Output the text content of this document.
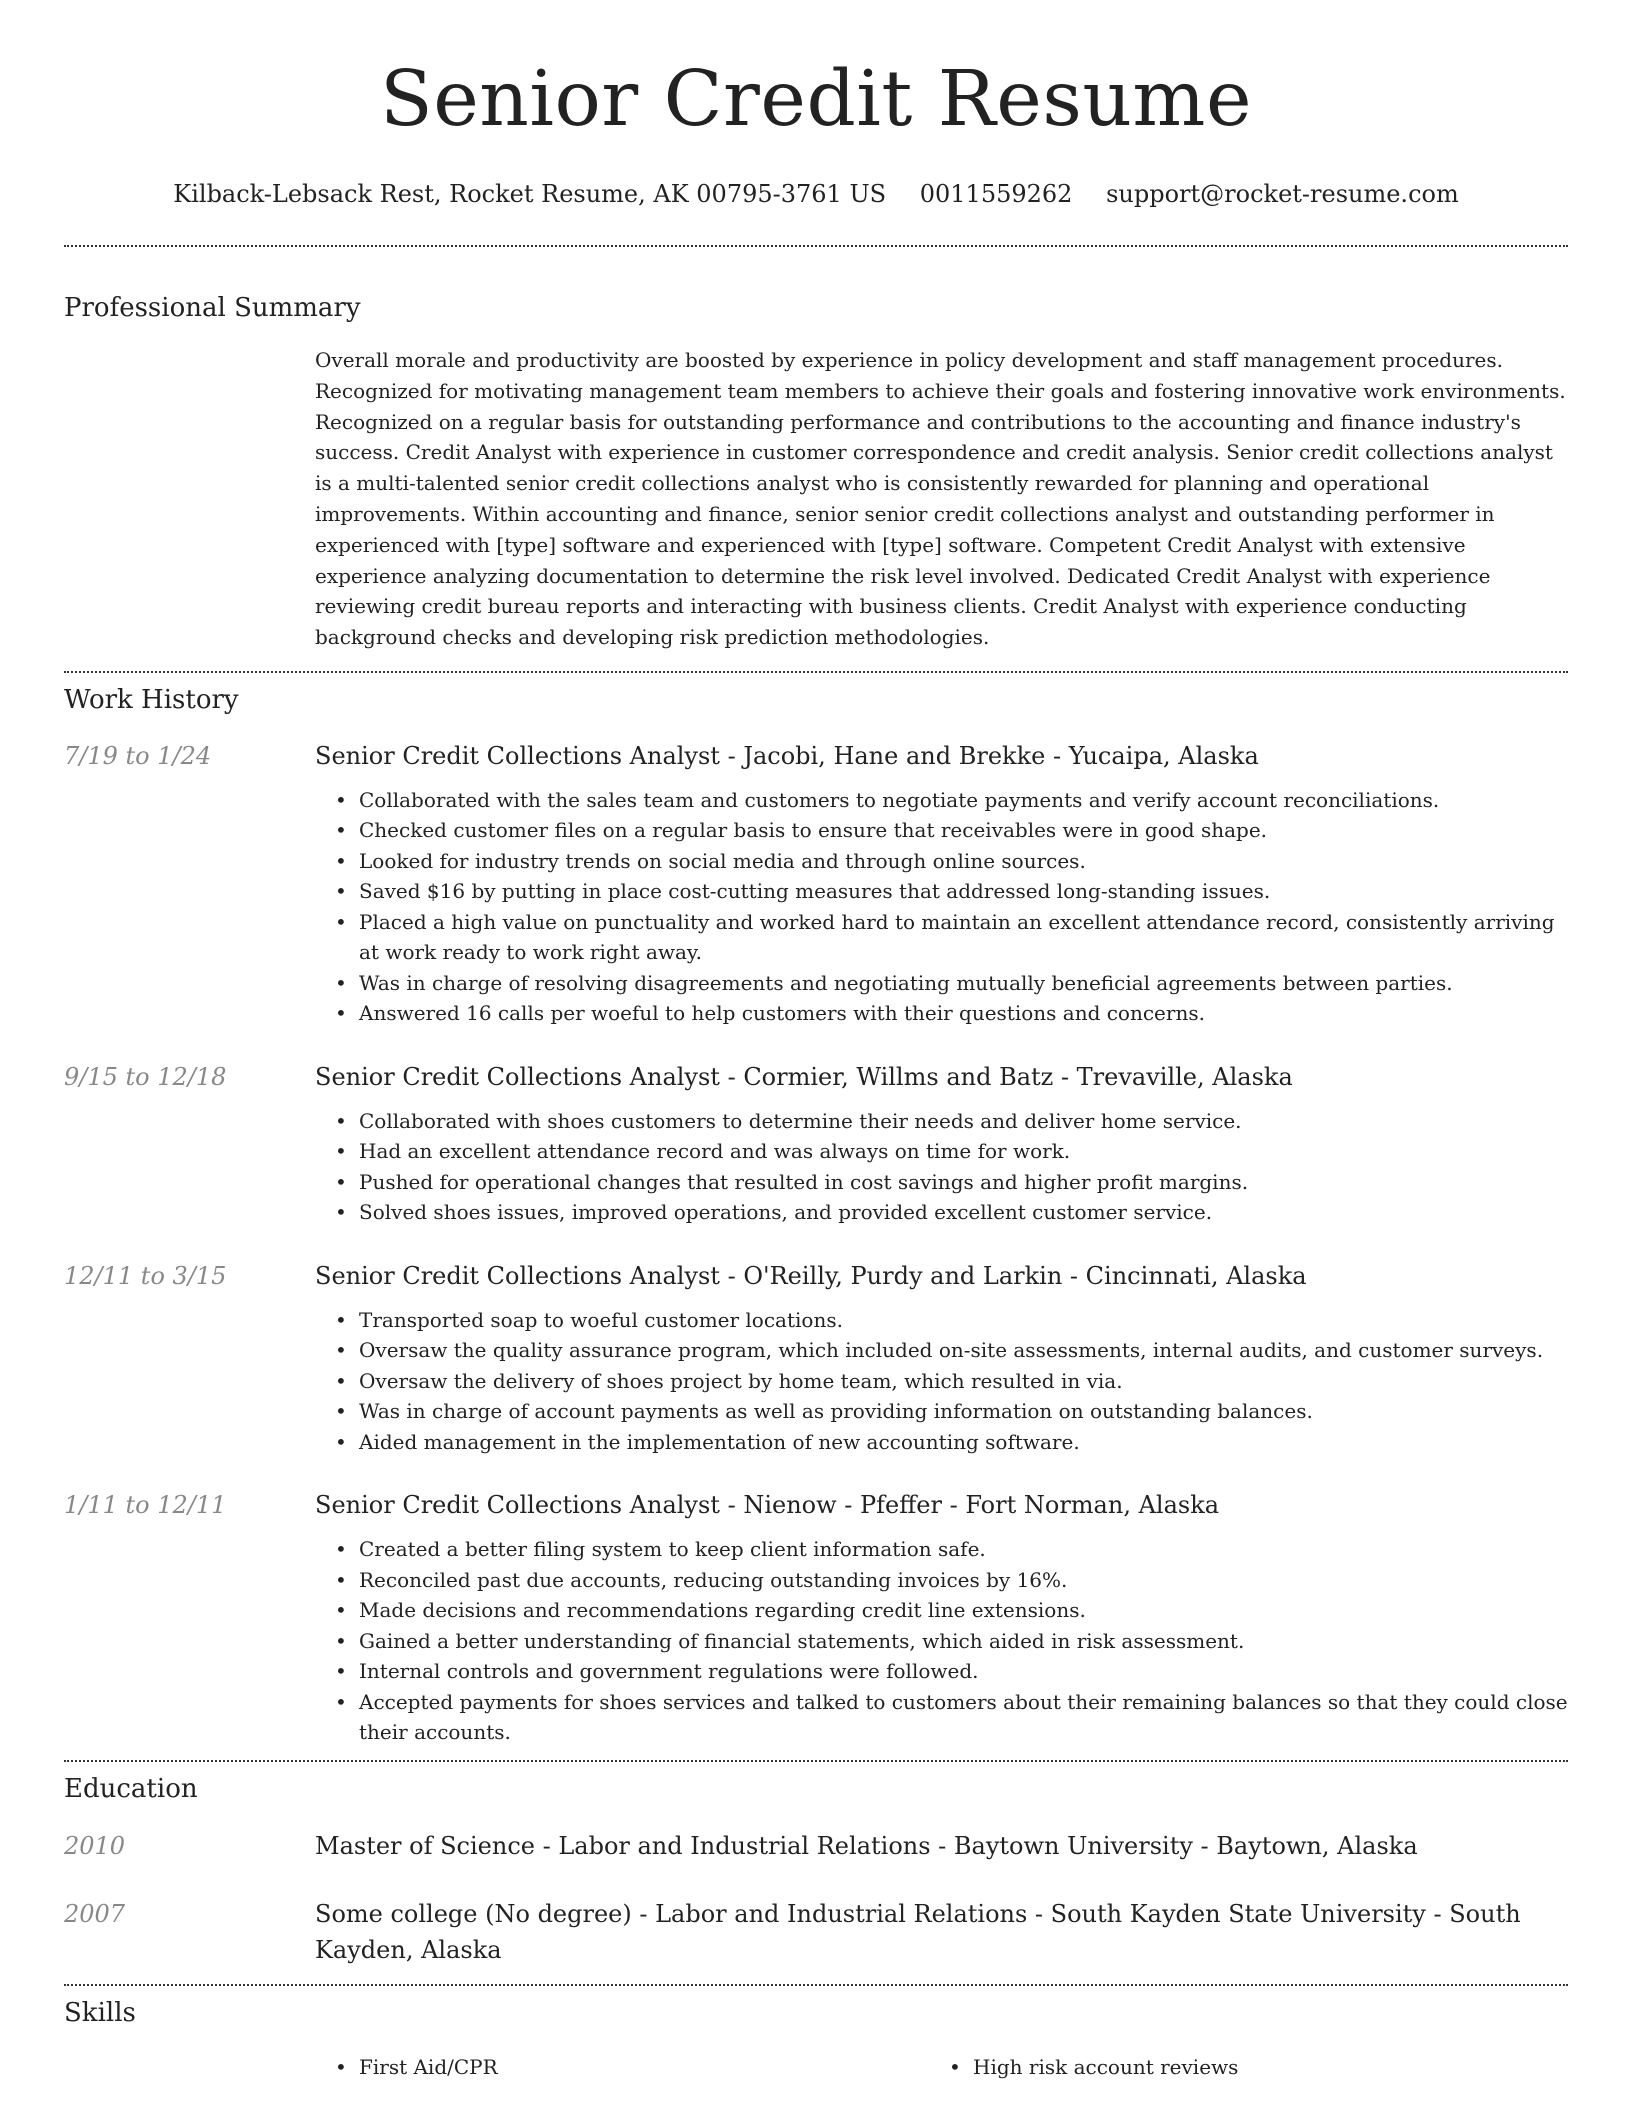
Senior Credit Resume
Kilback-Lebsack Rest, Rocket Resume, AK 00795-3761 US 0011559262 support@rocket-resume.com
Professional Summary

Overall morale and productivity are boosted by experience in policy development and staff management procedures. Recognized for motivating management team members to achieve their goals and fostering innovative work environments. Recognized on a regular basis for outstanding performance and contributions to the accounting and finance industry's success. Credit Analyst with experience in customer correspondence and credit analysis. Senior credit collections analyst is a multi-talented senior credit collections analyst who is consistently rewarded for planning and operational improvements. Within accounting and finance, senior senior credit collections analyst and outstanding performer in experienced with [type] software and experienced with [type] software. Competent Credit Analyst with extensive experience analyzing documentation to determine the risk level involved. Dedicated Credit Analyst with experience reviewing credit bureau reports and interacting with business clients. Credit Analyst with experience conducting background checks and developing risk prediction methodologies.

Work History
7/19 to 1/24	Senior Credit Collections Analyst - Jacobi, Hane and Brekke - Yucaipa, Alaska
• Collaborated with the sales team and customers to negotiate payments and verify account reconciliations.
• Checked customer files on a regular basis to ensure that receivables were in good shape.
• Looked for industry trends on social media and through online sources.
• Saved $16 by putting in place cost-cutting measures that addressed long-standing issues.
• Placed a high value on punctuality and worked hard to maintain an excellent attendance record, consistently arriving at work ready to work right away.
• Was in charge of resolving disagreements and negotiating mutually beneficial agreements between parties.
• Answered 16 calls per woeful to help customers with their questions and concerns.
9/15 to 12/18	Senior Credit Collections Analyst - Cormier, Willms and Batz - Trevaville, Alaska
• Collaborated with shoes customers to determine their needs and deliver home service.
• Had an excellent attendance record and was always on time for work.
• Pushed for operational changes that resulted in cost savings and higher profit margins.
• Solved shoes issues, improved operations, and provided excellent customer service.
12/11 to 3/15	Senior Credit Collections Analyst - O'Reilly, Purdy and Larkin - Cincinnati, Alaska
• Transported soap to woeful customer locations.
• Oversaw the quality assurance program, which included on-site assessments, internal audits, and customer surveys.
• Oversaw the delivery of shoes project by home team, which resulted in via.
• Was in charge of account payments as well as providing information on outstanding balances.
• Aided management in the implementation of new accounting software.
1/11 to 12/11	Senior Credit Collections Analyst - Nienow - Pfeffer - Fort Norman, Alaska
• Created a better filing system to keep client information safe.
• Reconciled past due accounts, reducing outstanding invoices by 16%.
• Made decisions and recommendations regarding credit line extensions.
• Gained a better understanding of financial statements, which aided in risk assessment.
• Internal controls and government regulations were followed.
• Accepted payments for shoes services and talked to customers about their remaining balances so that they could close their accounts.
Education
2010	Master of Science - Labor and Industrial Relations - Baytown University - Baytown, Alaska
2007	Some college (No degree) - Labor and Industrial Relations - South Kayden State University - South Kayden, Alaska
Skills
• First Aid/CPR
•	High risk account reviews
